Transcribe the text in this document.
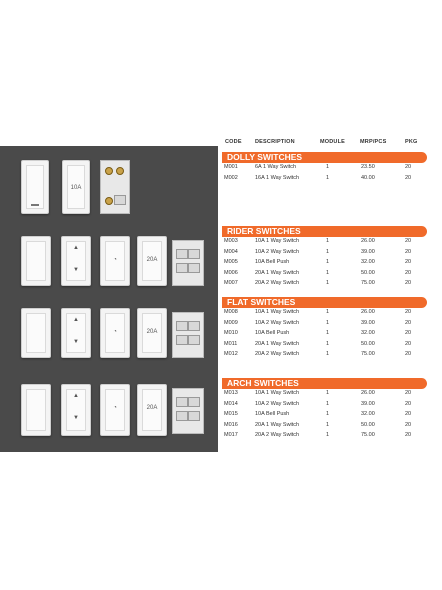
10A
▲
▼
◔	20A
▲
▼
◔	20A
▲
▼
◔	20A
CODE DESCRIPTION	MODULE	MRP/PCS	PKG
DOLLY SWITCHES
M001	6A 1 Way Switch	1	23.50	20
M002	16A 1 Way Switch	1	40.00	20
RIDER SWITCHES
M003	10A 1 Way Switch	1	26.00	20
M004	10A 2 Way Switch	1	39.00	20
M005	10A Bell Push	1	32.00	20
M006	20A 1 Way Switch	1	50.00	20
M007	20A 2 Way Switch	1	75.00	20
FLAT SWITCHES
M008	10A 1 Way Switch	1	26.00	20
M009	10A 2 Way Switch	1	39.00	20
M010	10A Bell Push	1	32.00	20
M011	20A 1 Way Switch	1	50.00	20
M012	20A 2 Way Switch	1	75.00	20
ARCH SWITCHES
M013	10A 1 Way Switch	1	26.00	20
M014	10A 2 Way Switch	1	39.00	20
M015	10A Bell Push	1	32.00	20
M016	20A 1 Way Switch	1	50.00	20
M017	20A 2 Way Switch	1	75.00	20
